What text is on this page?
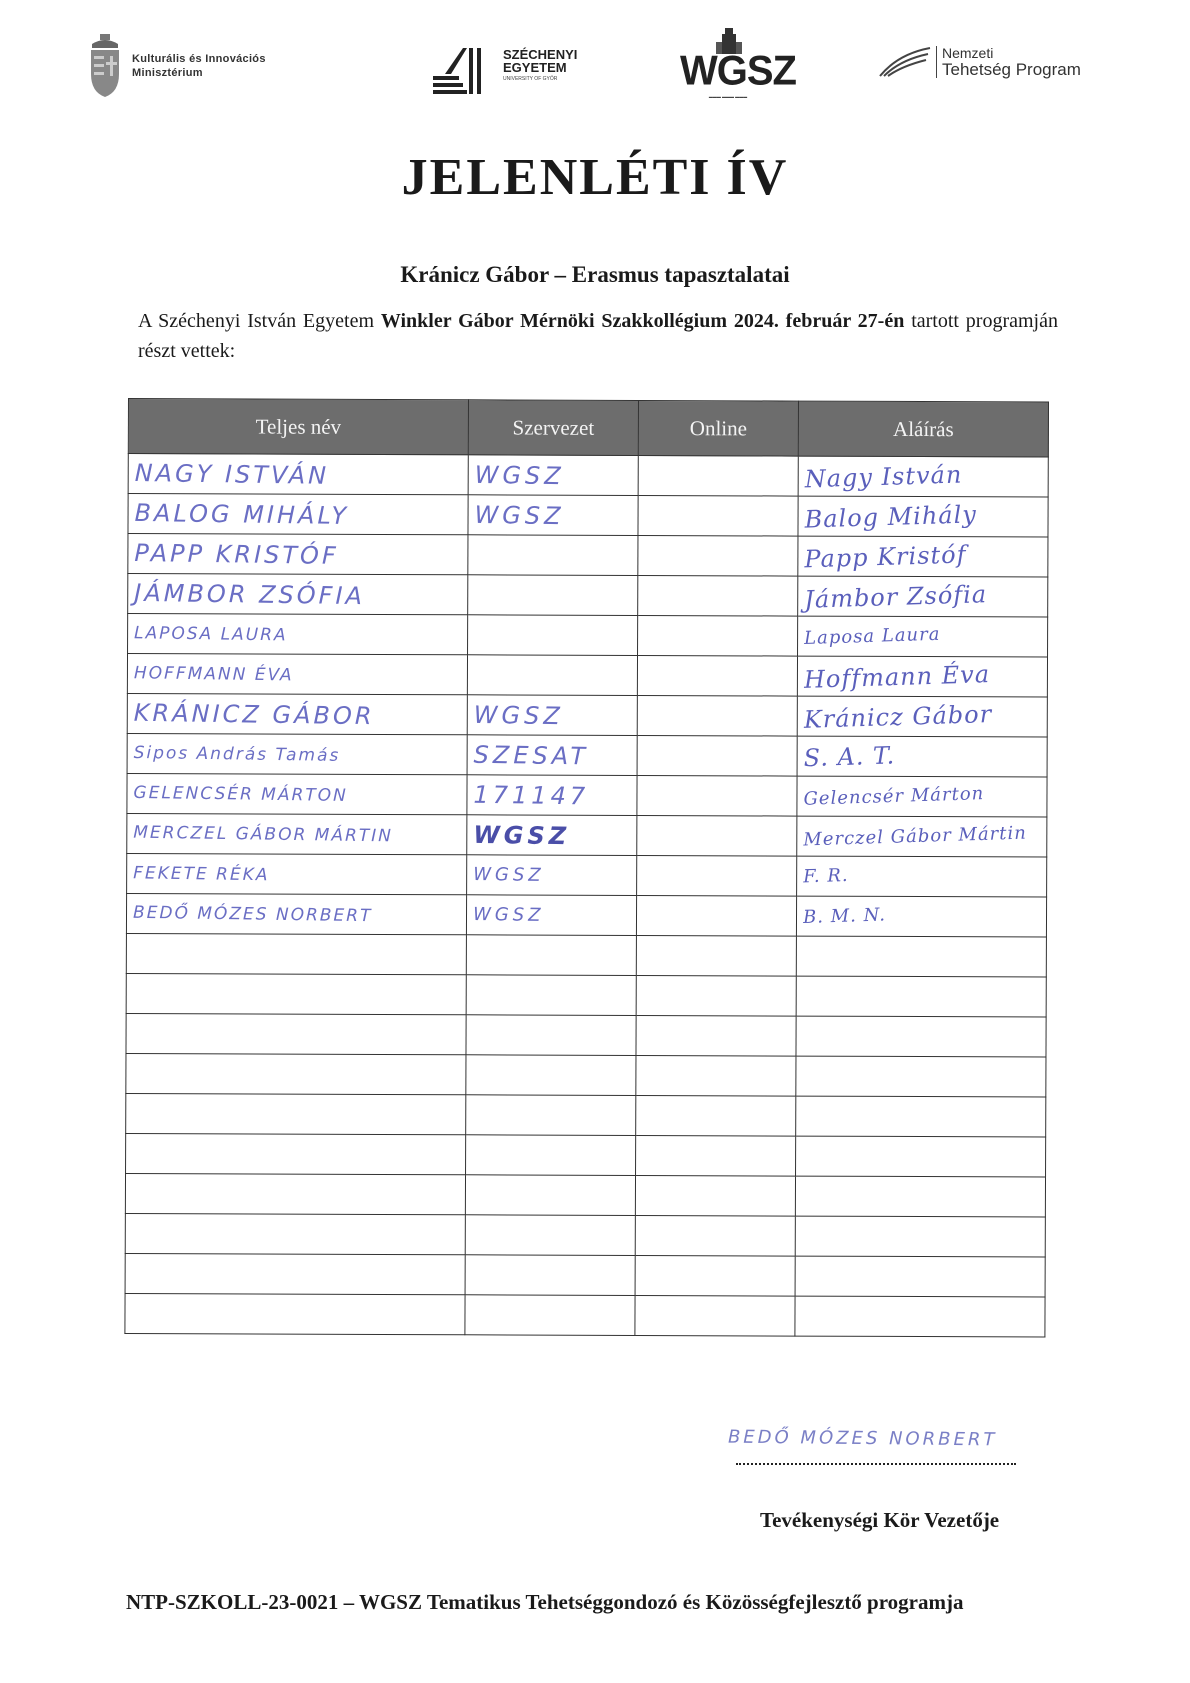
Kulturális és Innovációs
Minisztérium
SZÉCHENYI
EGYETEM
UNIVERSITY OF GYŐR	WGSZ
▬▬▬ ▬▬▬ ▬▬▬
Nemzeti
Tehetség Program
JELENLÉTI ÍV
Kránicz Gábor – Erasmus tapasztalatai
A Széchenyi István Egyetem Winkler Gábor Mérnöki Szakkollégium 2024. február 27-én tartott programján részt vettek:
Teljes név	Szervezet	Online	Aláírás
NAGY ISTVÁN	WGSZ		Nagy István
BALOG MIHÁLY	WGSZ		Balog Mihály
PAPP KRISTÓF			Papp Kristóf
JÁMBOR ZSÓFIA			Jámbor Zsófia
LAPOSA LAURA			Laposa Laura
HOFFMANN ÉVA			Hoffmann Éva
KRÁNICZ GÁBOR	WGSZ		Kránicz Gábor
Sipos András Tamás	SZESAT		S. A. T.
GELENCSÉR MÁRTON	171147		Gelencsér Márton
MERCZEL GÁBOR MÁRTIN	WGSZ		Merczel Gábor Mártin
FEKETE RÉKA	WGSZ		F. R.
BEDŐ MÓZES NORBERT	WGSZ		B. M. N.

BEDŐ MÓZES NORBERT
Tevékenységi Kör Vezetője
NTP-SZKOLL-23-0021 – WGSZ Tematikus Tehetséggondozó és Közösségfejlesztő programja
